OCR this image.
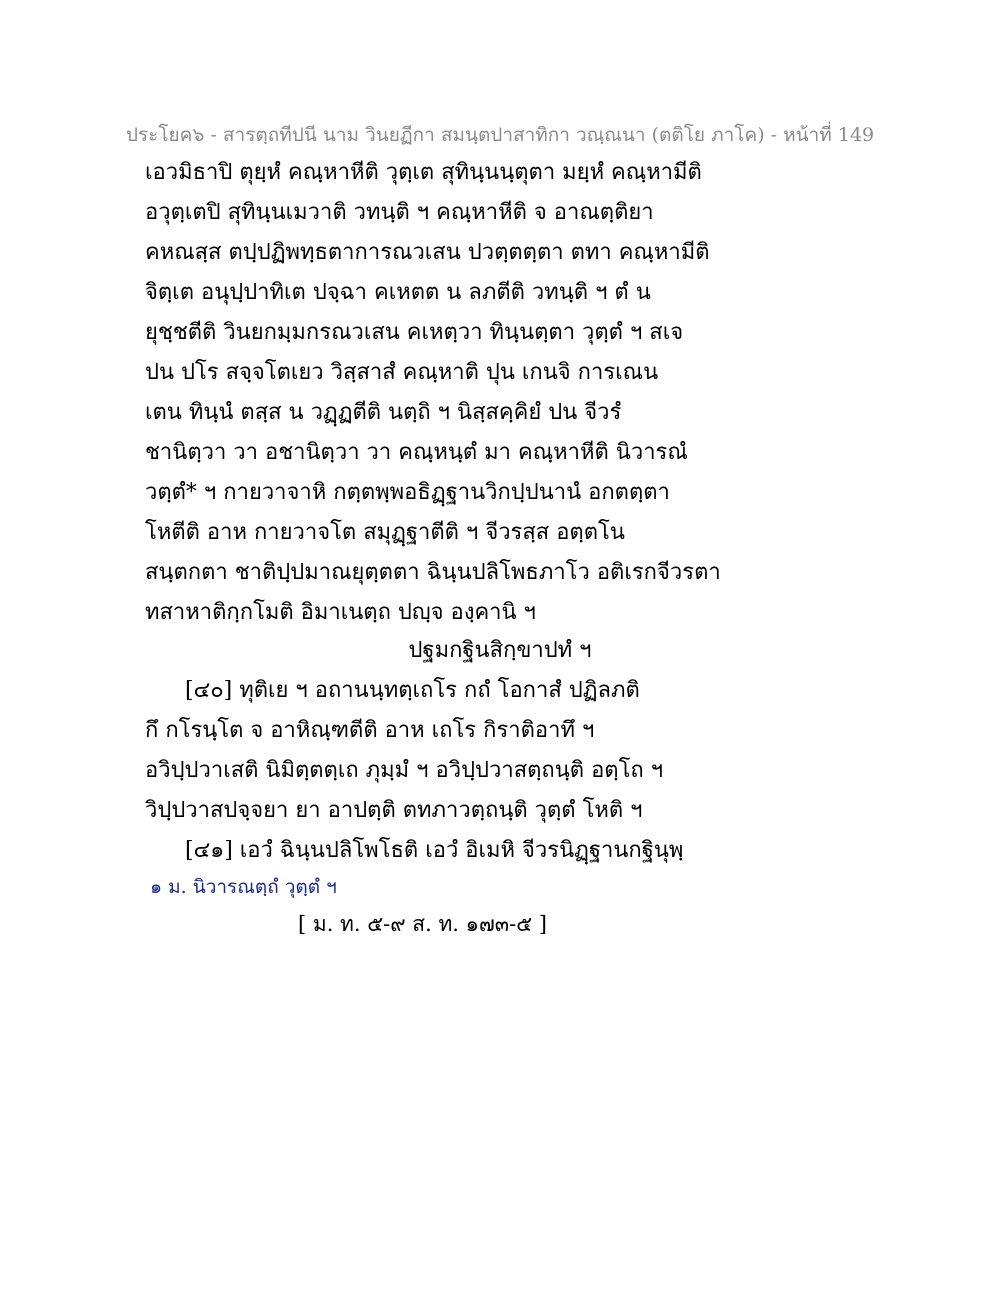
ประโยค๖ - สารตฺถทีปนี นาม วินยฏีกา สมนฺตปาสาทิกา วณฺณนา (ตติโย ภาโค) - หน้าที่ 149
เอวมิธาปิ ตุยฺหํ คณฺหาหีติ วุตฺเต สุทินฺนนฺตุตา มยฺหํ คณฺหามีติ
อวุตฺเตปิ สุทินฺนเมวาติ วทนฺติ ฯ คณฺหาหีติ จ อาณตฺติยา
คหณสฺส ตปฺปฏิพทฺธตาการณวเสน ปวตฺตตฺตา ตทา คณฺหามีติ
จิตฺเต อนุปฺปาทิเต ปจฺฉา คเหตต น ลภตีติ วทนฺติ ฯ ตํ น
ยุชฺชตีติ วินยกมฺมกรณวเสน คเหตฺวา ทินฺนตฺตา วุตฺตํ ฯ สเจ
ปน ปโร สจฺจโตเยว วิสฺสาสํ คณฺหาติ ปุน เกนจิ การเณน
เตน ทินฺนํ ตสฺส น วฏฺฏตีติ นตฺถิ ฯ นิสฺสคฺคิยํ ปน จีวรํ
ชานิตฺวา วา อชานิตฺวา วา คณฺหนฺตํ มา คณฺหาหีติ นิวารณํ
วตฺตํ* ฯ กายวาจาหิ กตฺตพฺพอธิฏฺฐานวิกปฺปนานํ อกตตฺตา
โหตีติ อาห กายวาจโต สมุฏฺฐาตีติ ฯ จีวรสฺส อตฺตโน
สนฺตกตา ชาติปฺปมาณยุตฺตตา ฉินฺนปลิโพธภาโว อติเรกจีวรตา
ทสาหาติกฺกโมติ อิมาเนตฺถ ปญฺจ องฺคานิ ฯ
ปฐมกฐินสิกฺขาปทํ ฯ
[๔๐] ทุติเย ฯ อถานนฺทตฺเถโร กถํ โอกาสํ ปฏิลภติ
กึ กโรนฺโต จ อาหิณฺฑตีติ อาห เถโร กิราติอาทึ ฯ
อวิปฺปวาเสติ นิมิตฺตตฺเถ ภุมฺมํ ฯ อวิปฺปวาสตฺถนฺติ อตฺโถ ฯ
วิปฺปวาสปจฺจยา ยา อาปตฺติ ตทภาวตฺถนฺติ วุตฺตํ โหติ ฯ
[๔๑] เอวํ ฉินฺนปลิโพโธติ เอวํ อิเมหิ จีวรนิฏฺฐานกฐินุพฺ
๑ ม. นิวารณตฺถํ วุตฺตํ ฯ
[ ม. ท. ๕-๙ ส. ท. ๑๗๓-๕ ]
